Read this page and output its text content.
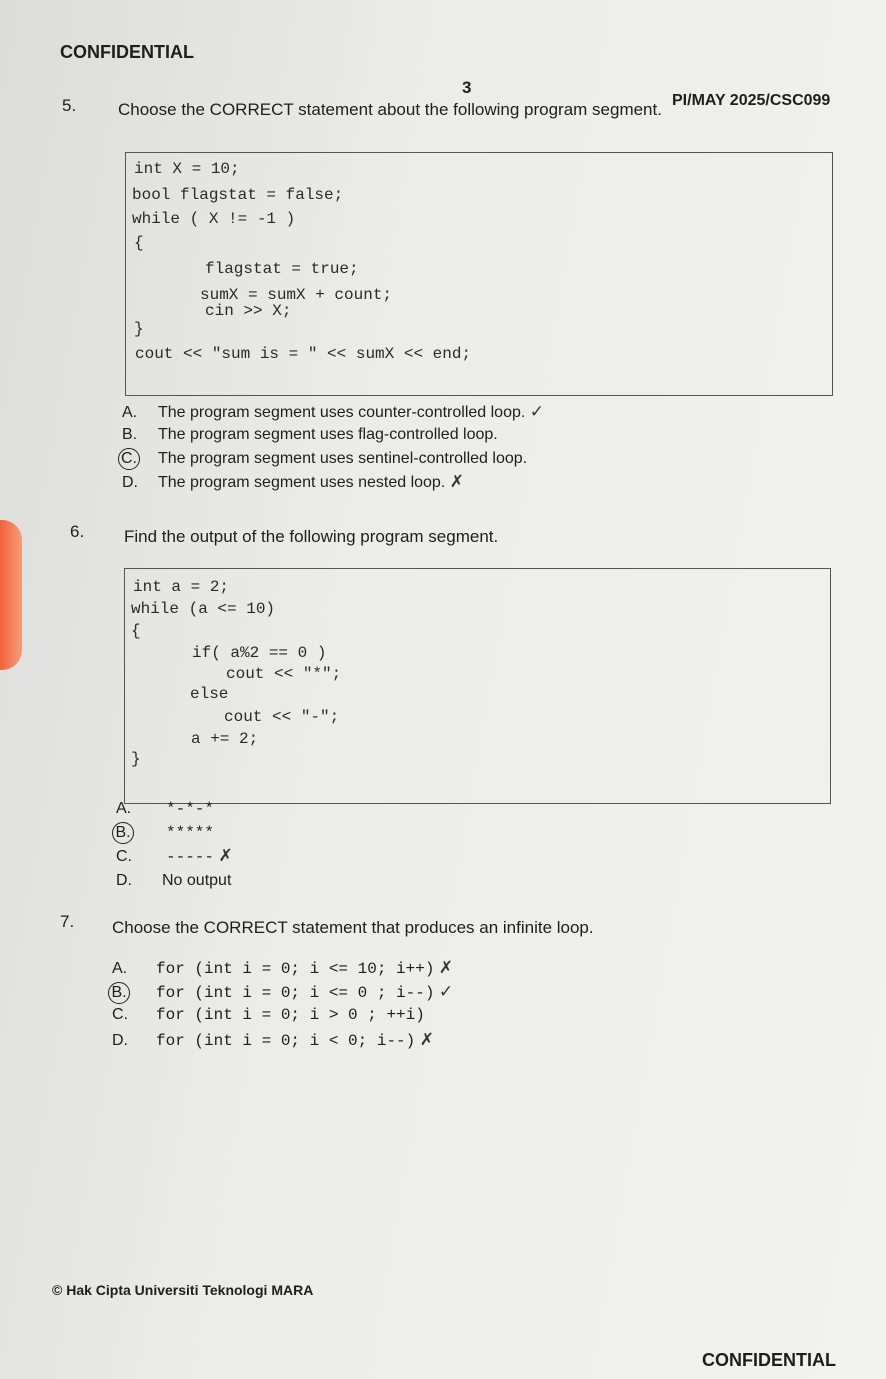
CONFIDENTIAL
3
PI/MAY 2025/CSC099
5. Choose the CORRECT statement about the following program segment.
int X = 10;
bool flagstat = false;
while ( X != -1 )
{
flagstat = true;
sumX = sumX + count;
cin >> X;
}
cout << "sum is = " << sumX << end;
A. The program segment uses counter-controlled loop. ✓
B. The program segment uses flag-controlled loop.
C. The program segment uses sentinel-controlled loop.
D. The program segment uses nested loop. ✗
6. Find the output of the following program segment.
int a = 2;
while (a <= 10)
{
if( a%2 == 0 )
cout << "*";
else
cout << "-";
a += 2;
}
A. *-*-*
B. *****
C. ----- ✗
D. No output
7. Choose the CORRECT statement that produces an infinite loop.
A. for (int i = 0; i <= 10; i++) ✗
B. for (int i = 0; i <= 0 ; i--) ✓
C. for (int i = 0; i > 0 ; ++i)
D. for (int i = 0; i < 0; i--) ✗
© Hak Cipta Universiti Teknologi MARA
CONFIDENTIAL
